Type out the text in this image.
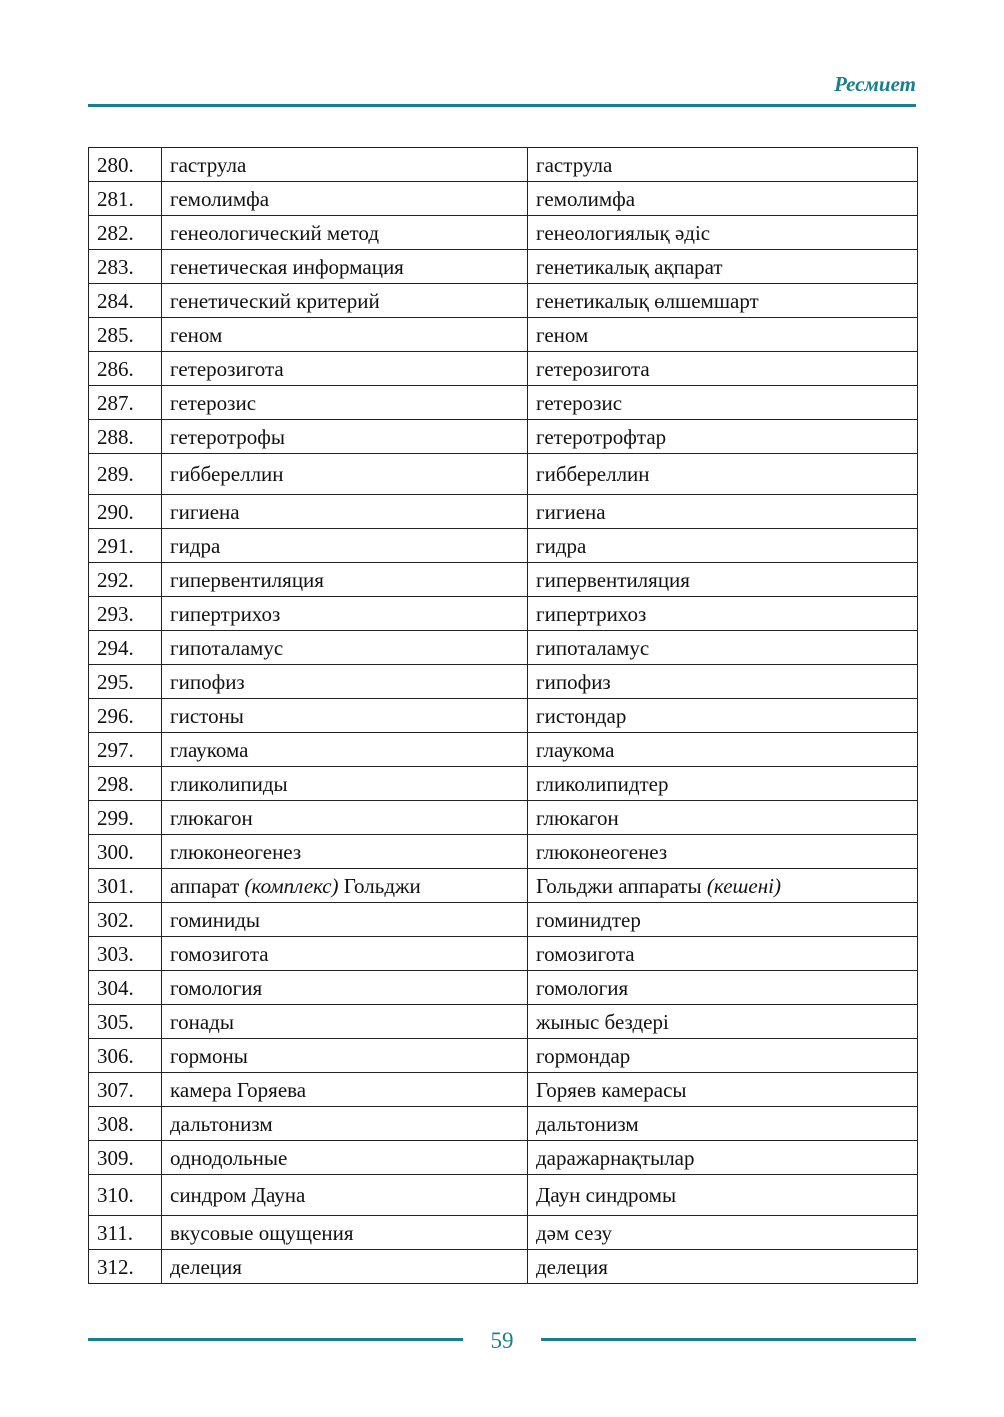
Ресмиет
280.	гаструла	гаструла
281.	гемолимфа	гемолимфа
282.	генеологический метод	генеологиялық әдіс
283.	генетическая информация	генетикалық ақпарат
284.	генетический критерий	генетикалық өлшемшарт
285.	геном	геном
286.	гетерозигота	гетерозигота
287.	гетерозис	гетерозис
288.	гетеротрофы	гетеротрофтар
289.	гиббереллин	гиббереллин
290.	гигиена	гигиена
291.	гидра	гидра
292.	гипервентиляция	гипервентиляция
293.	гипертрихоз	гипертрихоз
294.	гипоталамус	гипоталамус
295.	гипофиз	гипофиз
296.	гистоны	гистондар
297.	глаукома	глаукома
298.	гликолипиды	гликолипидтер
299.	глюкагон	глюкагон
300.	глюконеогенез	глюконеогенез
301.	аппарат (комплекс) Гольджи	Гольджи аппараты (кешені)
302.	гоминиды	гоминидтер
303.	гомозигота	гомозигота
304.	гомология	гомология
305.	гонады	жыныс бездері
306.	гормоны	гормондар
307.	камера Горяева	Горяев камерасы
308.	дальтонизм	дальтонизм
309.	однодольные	даражарнақтылар
310.	синдром Дауна	Даун синдромы
311.	вкусовые ощущения	дәм сезу
312.	делеция	делеция
59
